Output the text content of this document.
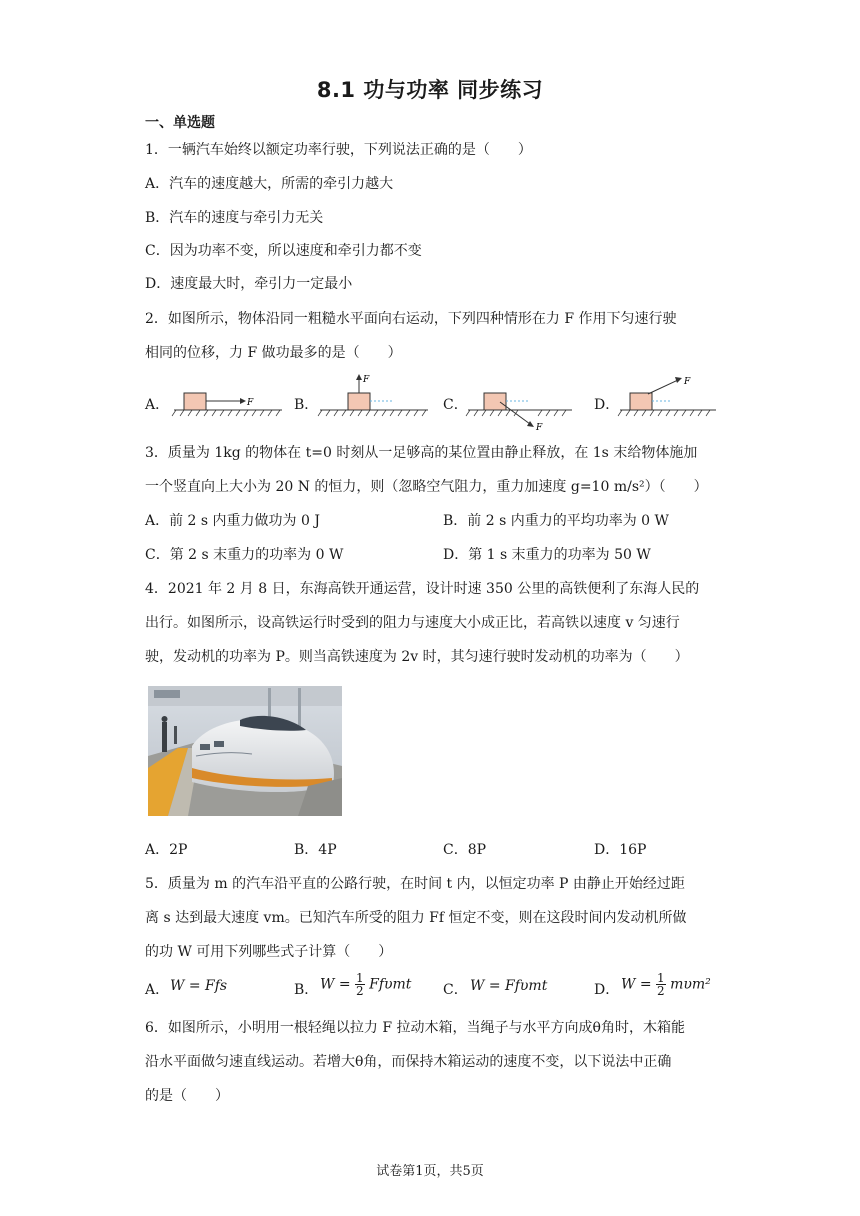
8.1 功与功率 同步练习
一、单选题
1．一辆汽车始终以额定功率行驶，下列说法正确的是（　　）
A．汽车的速度越大，所需的牵引力越大
B．汽车的速度与牵引力无关
C．因为功率不变，所以速度和牵引力都不变
D．速度最大时，牵引力一定最小
2．如图所示，物体沿同一粗糙水平面向右运动，下列四种情形在力 F 作用下匀速行驶
相同的位移，力 F 做功最多的是（　　）
A．	F	B．
F
C．
F
D．
F
3．质量为 1kg 的物体在 t=0 时刻从一足够高的某位置由静止释放，在 1s 末给物体施加
一个竖直向上大小为 20 N 的恒力，则（忽略空气阻力，重力加速度 g=10 m/s²）（　　）
A．前 2 s 内重力做功为 0 J	B．前 2 s 内重力的平均功率为 0 W
C．第 2 s 末重力的功率为 0 W	D．第 1 s 末重力的功率为 50 W
4．2021 年 2 月 8 日，东海高铁开通运营，设计时速 350 公里的高铁便利了东海人民的
出行。如图所示，设高铁运行时受到的阻力与速度大小成正比，若高铁以速度 v 匀速行
驶，发动机的功率为 P。则当高铁速度为 2v 时，其匀速行驶时发动机的功率为（　　）
A．2P	B．4P	C．8P	D．16P
5．质量为 m 的汽车沿平直的公路行驶，在时间 t 内，以恒定功率 P 由静止开始经过距
离 s 达到最大速度 vm。已知汽车所受的阻力 Ff 恒定不变，则在这段时间内发动机所做
的功 W 可用下列哪些式子计算（　　）
A． W = Ffs	B． $W = \frac{1}{2}$ Ffυmt C． W = Ffυmt	D． $W = \frac{1}{2} m\upsilon m^2$
6．如图所示，小明用一根轻绳以拉力 F 拉动木箱，当绳子与水平方向成θ角时，木箱能
沿水平面做匀速直线运动。若增大θ角，而保持木箱运动的速度不变，以下说法中正确
的是（　　）
试卷第1页，共5页
